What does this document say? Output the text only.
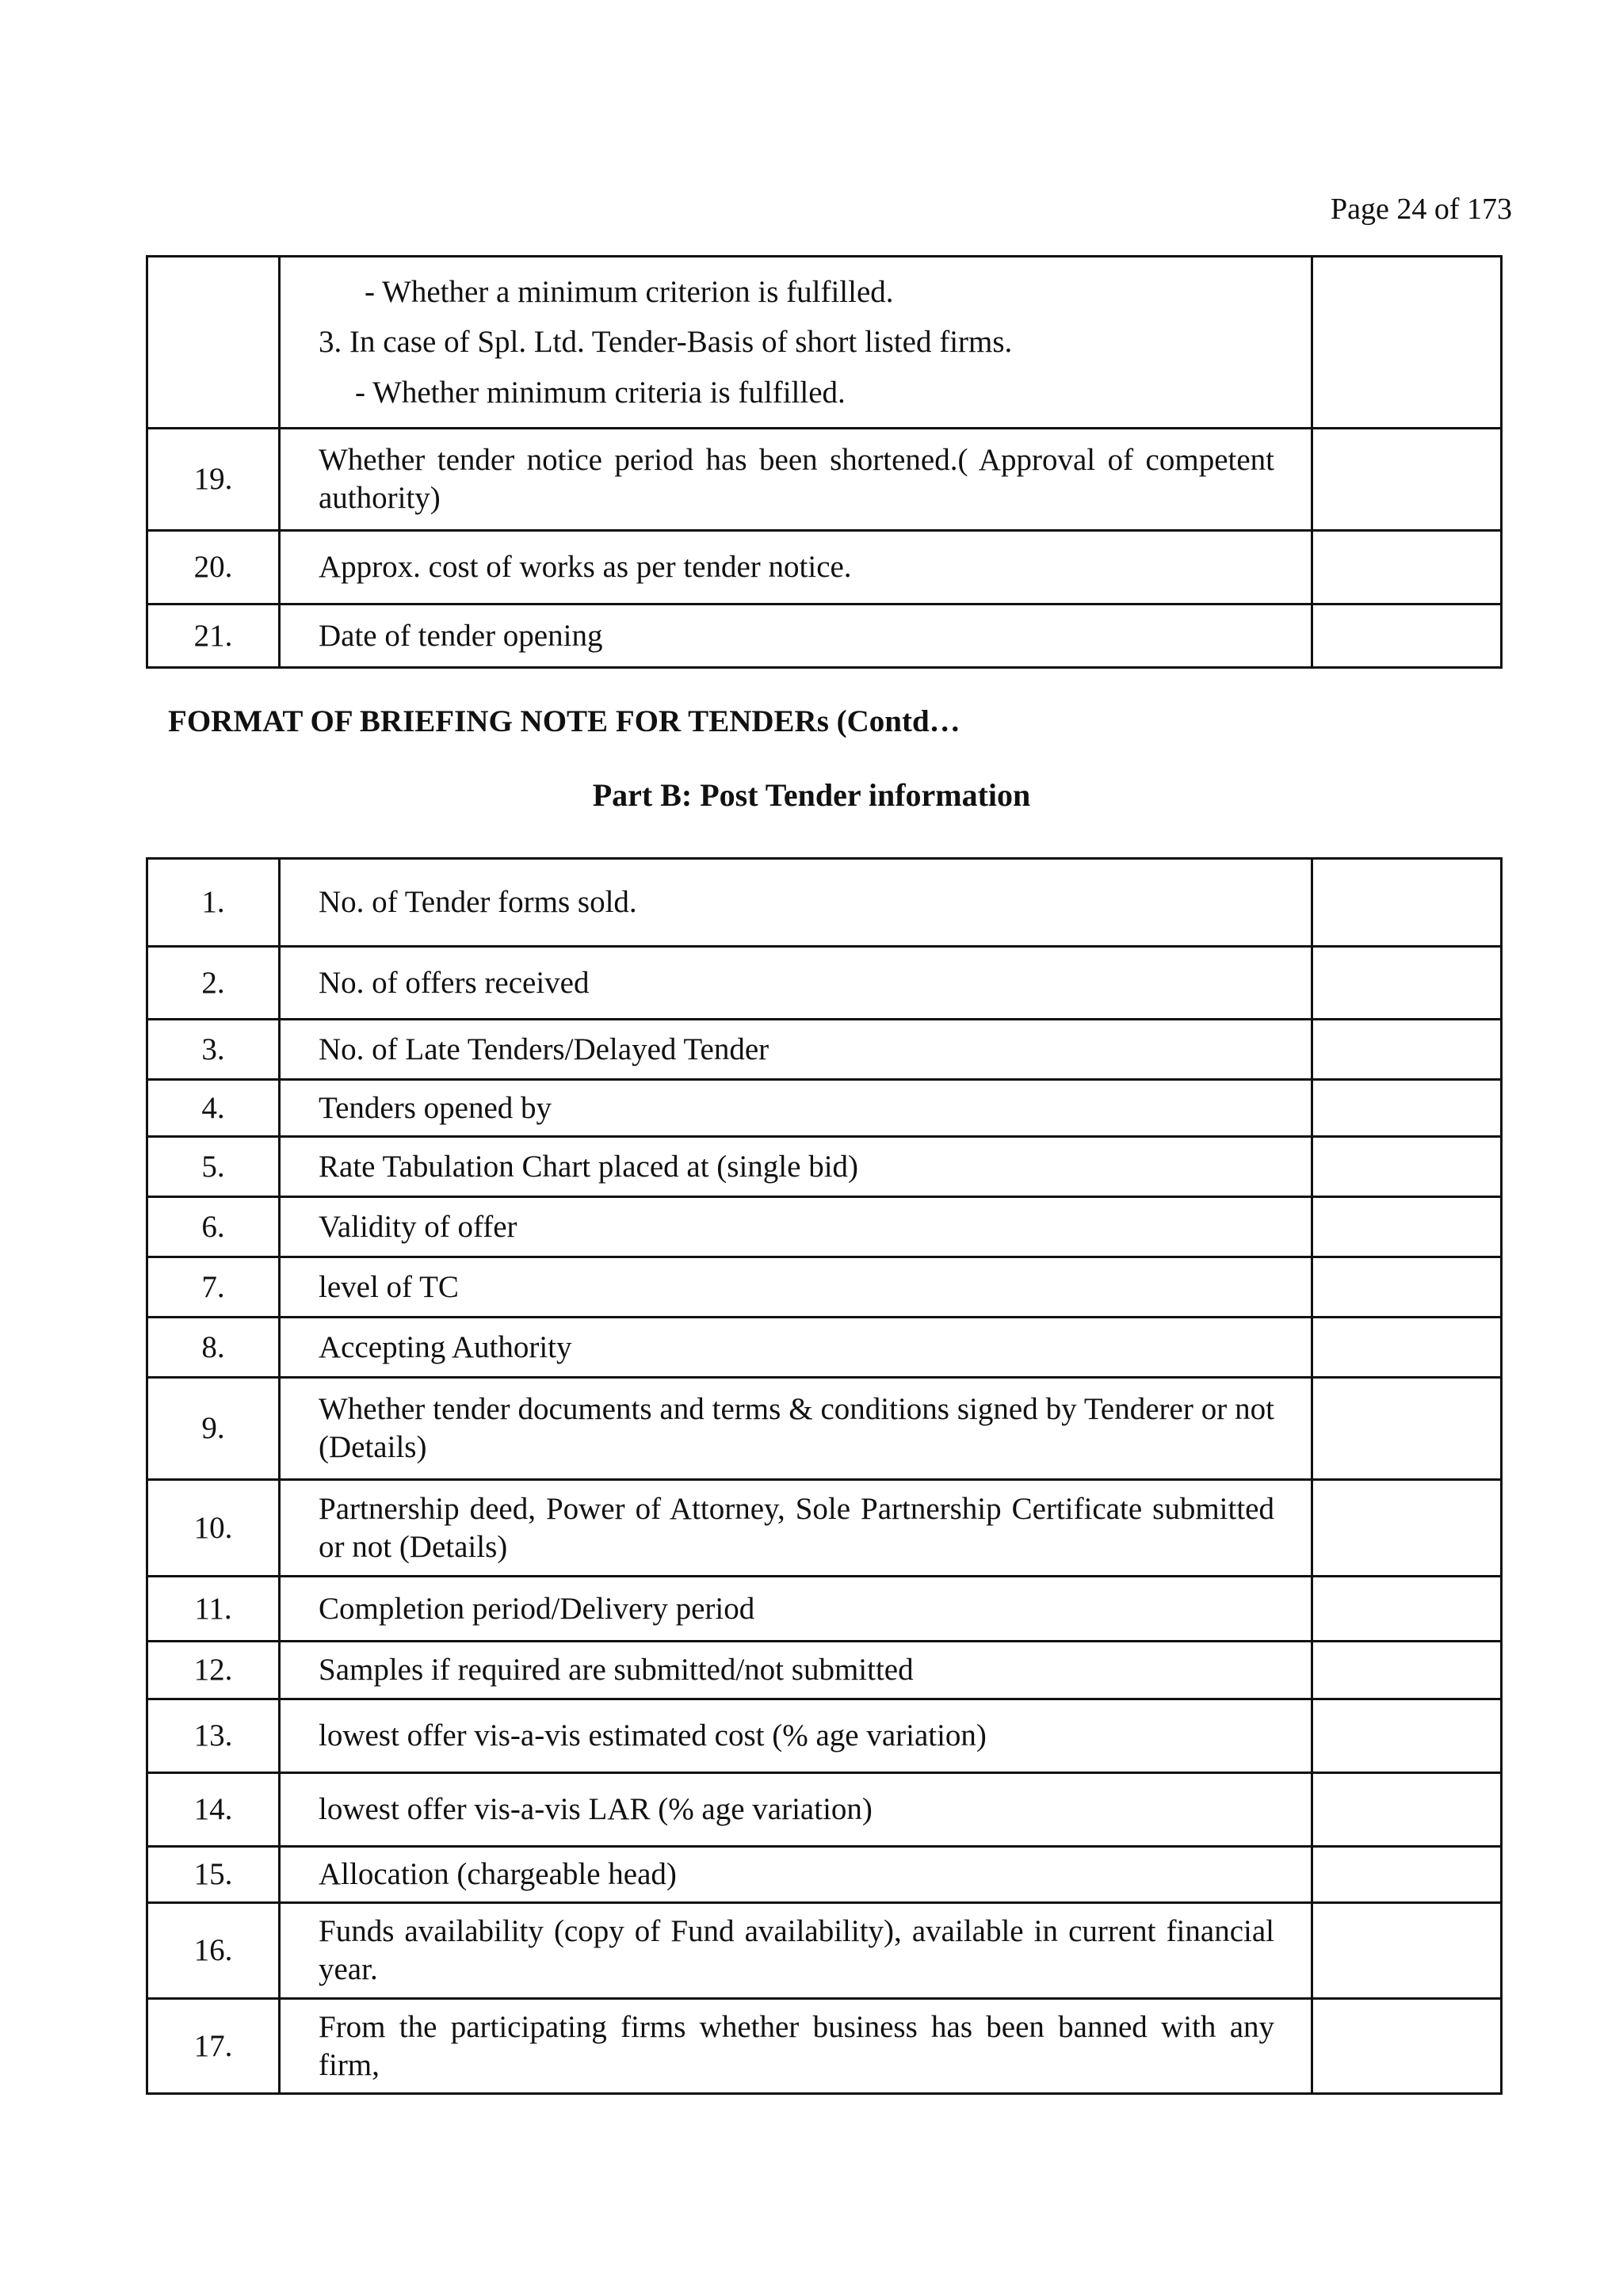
Page 24 of 173

	- Whether a minimum criterion is fulfilled.
3. In case of Spl. Ltd. Tender-Basis of short listed firms.
- Whether minimum criteria is fulfilled.	

19.	Whether tender notice period has been shortened.( Approval of competent authority)	
20.	Approx. cost of works as per tender notice.	
21.	Date of tender opening	
FORMAT OF BRIEFING NOTE FOR TENDERs (Contd…
Part B: Post Tender information
1.	No. of Tender forms sold.	
2.	No. of offers received	
3.	No. of Late Tenders/Delayed Tender	
4.	Tenders opened by	
5.	Rate Tabulation Chart placed at (single bid)	
6.	Validity of offer	
7.	level of TC	
8.	Accepting Authority	
9.	Whether tender documents and terms & conditions signed by Tenderer or not (Details)	
10.	Partnership deed, Power of Attorney, Sole Partnership Certificate submitted or not (Details)	
11.	Completion period/Delivery period	
12.	Samples if required are submitted/not submitted	
13.	lowest offer vis-a-vis estimated cost (% age variation)	
14.	lowest offer vis-a-vis LAR (% age variation)	
15.	Allocation (chargeable head)	
16.	Funds availability (copy of Fund availability), available in current financial year.	
17.	From the participating firms whether business has been banned with any firm,	
